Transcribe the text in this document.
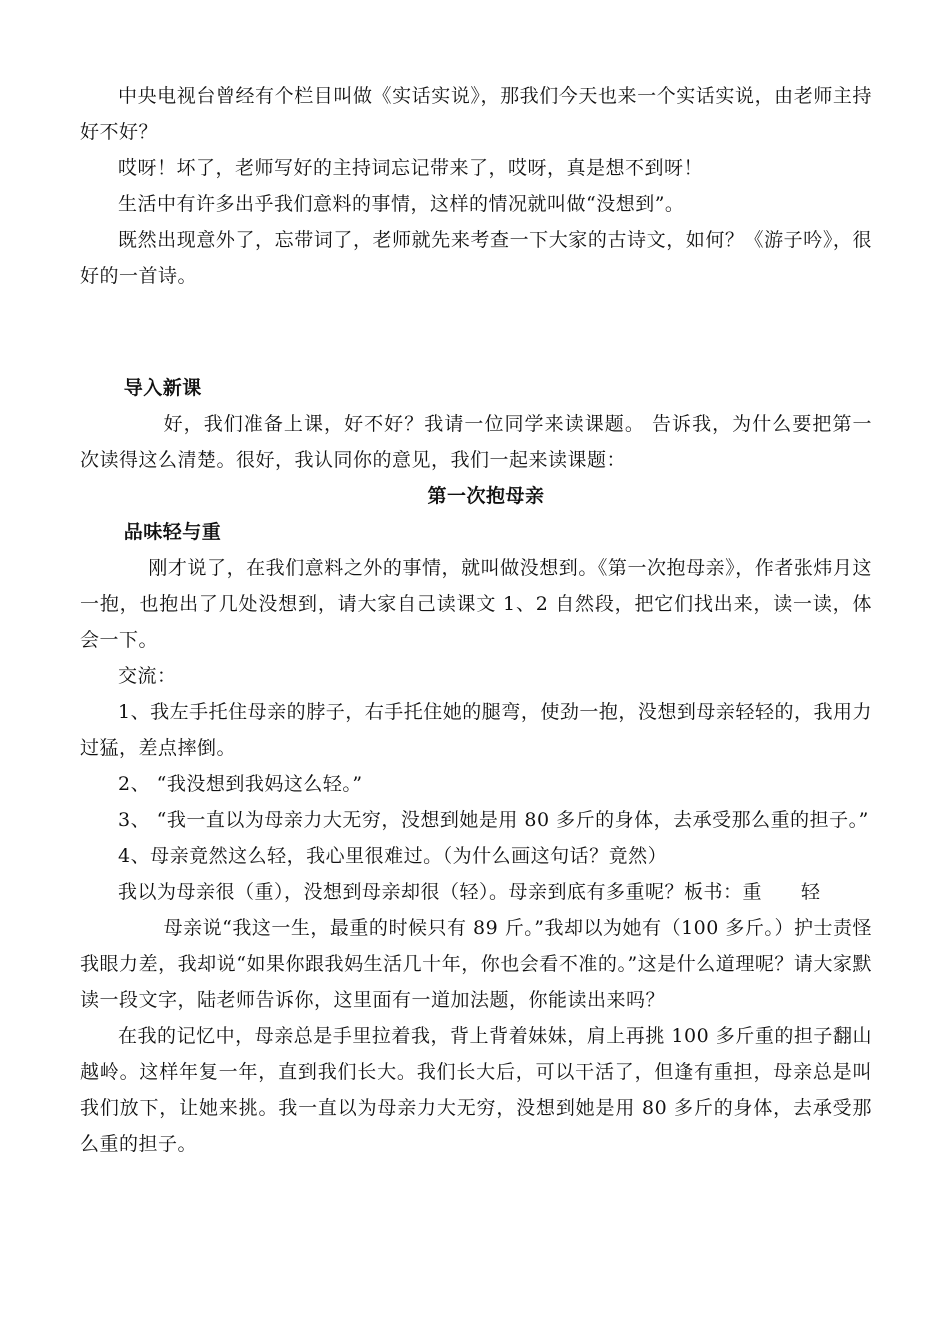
中央电视台曾经有个栏目叫做《实话实说》，那我们今天也来一个实话实说，由老师主持好不好？

哎呀！坏了，老师写好的主持词忘记带来了，哎呀，真是想不到呀！

生活中有许多出乎我们意料的事情，这样的情况就叫做“没想到”。

既然出现意外了，忘带词了，老师就先来考查一下大家的古诗文，如何？《游子吟》，很好的一首诗。

导入新课

好，我们准备上课，好不好？我请一位同学来读课题。 告诉我，为什么要把第一次读得这么清楚。很好，我认同你的意见，我们一起来读课题：

第一次抱母亲
品味轻与重

刚才说了，在我们意料之外的事情，就叫做没想到。《第一次抱母亲》，作者张炜月这一抱，也抱出了几处没想到，请大家自己读课文 1、2 自然段，把它们找出来，读一读，体会一下。

交流：

1、我左手托住母亲的脖子，右手托住她的腿弯，使劲一抱，没想到母亲轻轻的，我用力过猛，差点摔倒。

2、 “我没想到我妈这么轻。”

3、 “我一直以为母亲力大无穷，没想到她是用 80 多斤的身体，去承受那么重的担子。”

4、母亲竟然这么轻，我心里很难过。（为什么画这句话？竟然）

我以为母亲很（重），没想到母亲却很（轻）。母亲到底有多重呢？板书：重　　轻

母亲说“我这一生，最重的时候只有 89 斤。”我却以为她有（100 多斤。）护士责怪我眼力差，我却说“如果你跟我妈生活几十年，你也会看不准的。”这是什么道理呢？请大家默读一段文字，陆老师告诉你，这里面有一道加法题，你能读出来吗？

在我的记忆中，母亲总是手里拉着我，背上背着妹妹，肩上再挑 100 多斤重的担子翻山越岭。这样年复一年，直到我们长大。我们长大后，可以干活了，但逢有重担，母亲总是叫我们放下，让她来挑。我一直以为母亲力大无穷，没想到她是用 80 多斤的身体，去承受那么重的担子。
